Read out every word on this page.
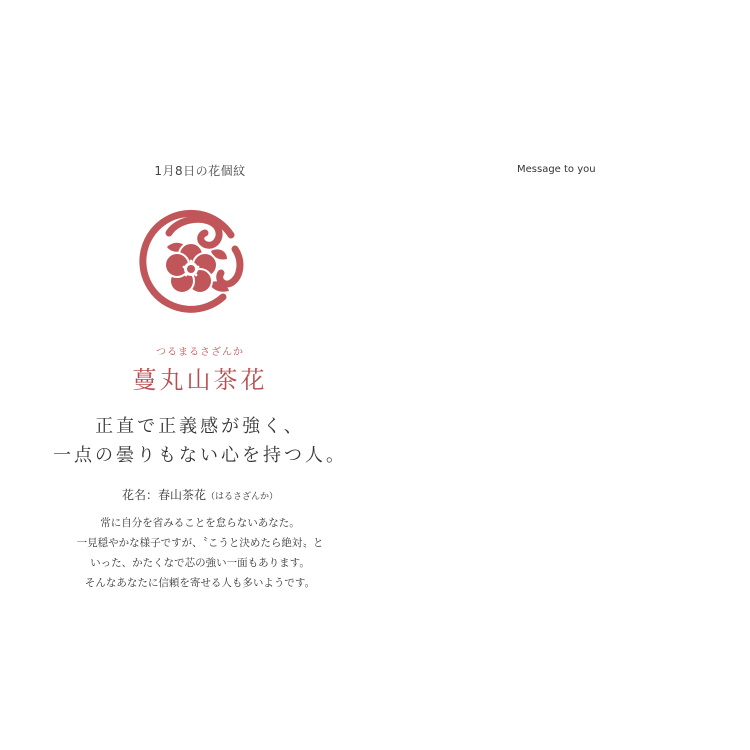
1月8日の花個紋
つるまるさざんか
蔓丸山茶花
正直で正義感が強く、
一点の曇りもない心を持つ人。
花名：春山茶花（はるさざんか）
常に自分を省みることを怠らないあなた。
一見穏やかな様子ですが、〝こうと決めたら絶対〟と
いった、かたくなで芯の強い一面もあります。
そんなあなたに信頼を寄せる人も多いようです。
Message to you
